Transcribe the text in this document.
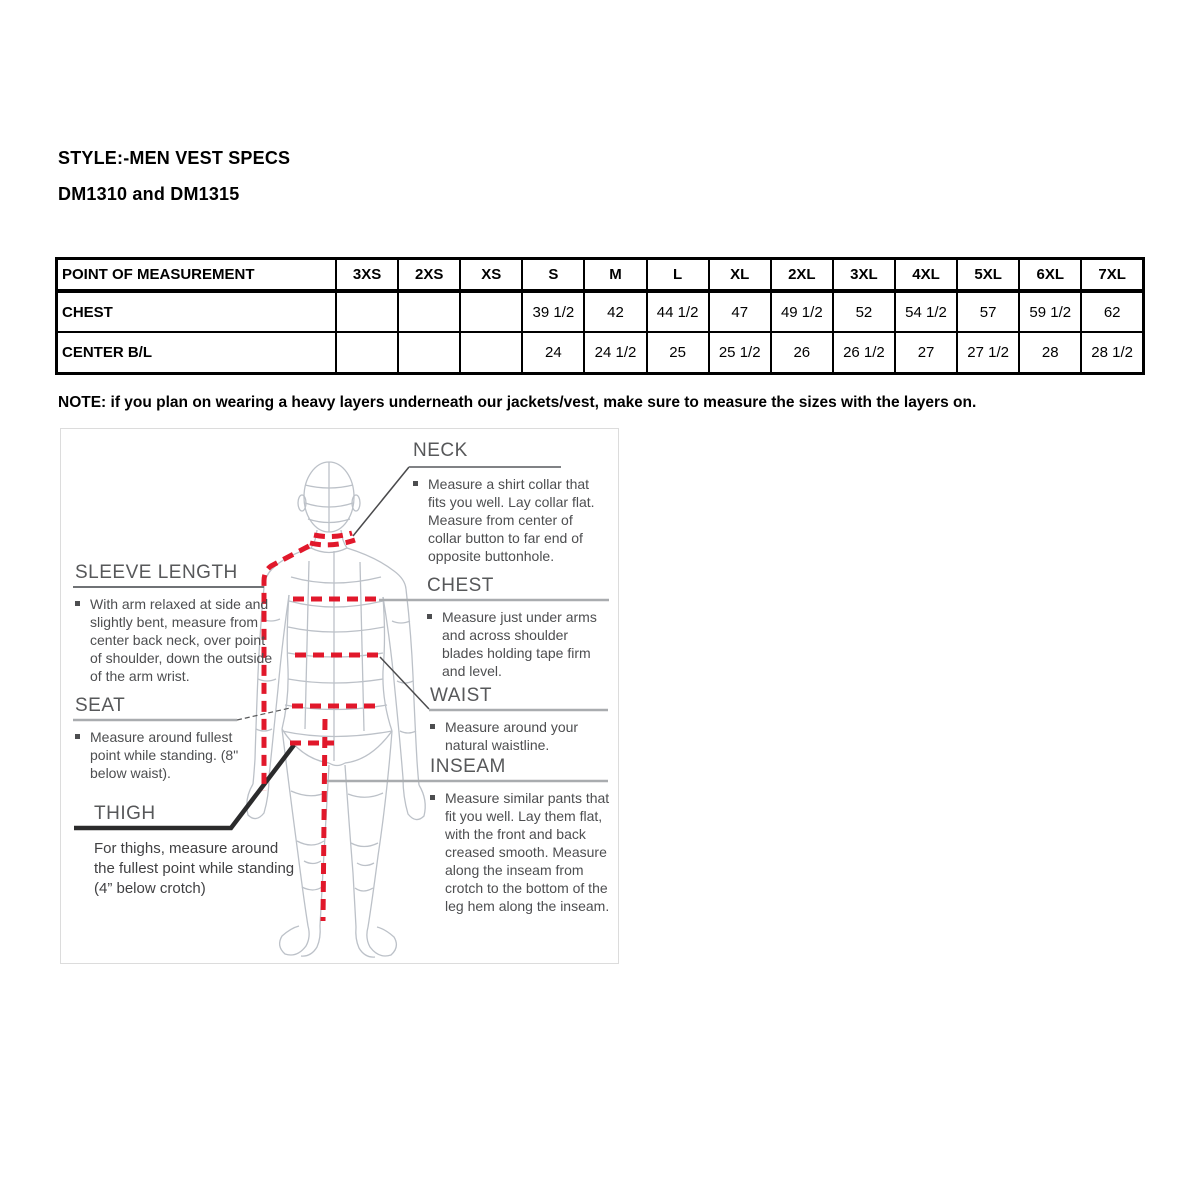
STYLE:-MEN VEST SPECS
DM1310 and DM1315
POINT OF MEASUREMENT	3XS	2XS	XS	S	M	L	XL	2XL	3XL	4XL	5XL	6XL	7XL
CHEST				39 1/2	42	44 1/2	47	49 1/2	52	54 1/2	57	59 1/2	62
CENTER B/L				24	24 1/2	25	25 1/2	26	26 1/2	27	27 1/2	28	28 1/2
NOTE: if you plan on wearing a heavy layers underneath our jackets/vest, make sure to measure the sizes with the layers on.
NECK

Measure a shirt collar that fits you well. Lay collar flat. Measure from center of collar button to far end of opposite buttonhole.

SLEEVE LENGTH

With arm relaxed at side and slightly bent, measure from center back neck, over point of shoulder, down the outside of the arm wrist.

CHEST

Measure just under arms and across shoulder blades holding tape firm and level.

WAIST

Measure around your natural waistline.

SEAT

Measure around fullest point while standing. (8" below waist).	INSEAM

Measure similar pants that fit you well. Lay them flat, with the front and back creased smooth. Measure along the inseam from crotch to the bottom of the leg hem along the inseam.

THIGH

For thighs, measure around the fullest point while standing (4” below crotch)
